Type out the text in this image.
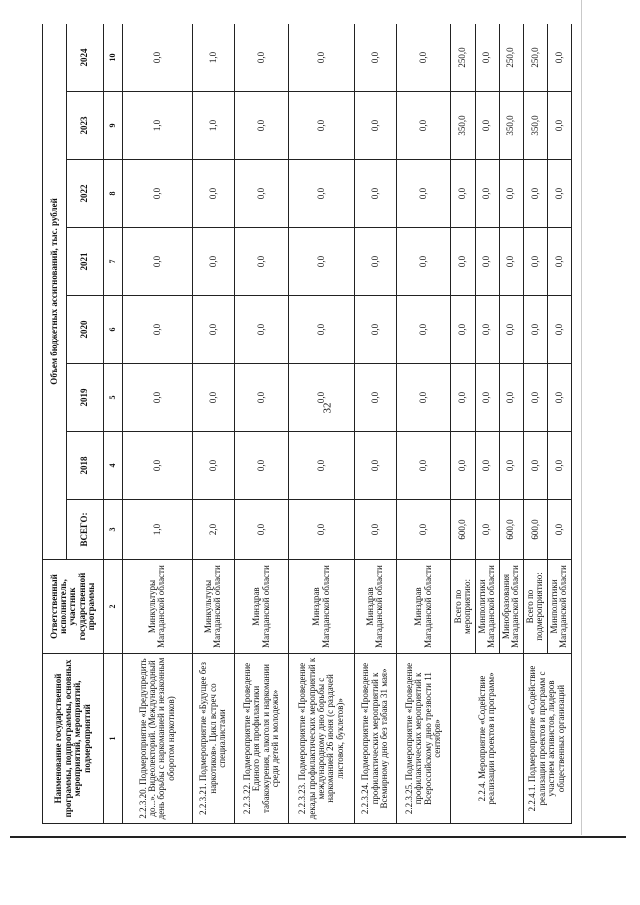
32
Наименование государственной программы, подпрограммы, основных мероприятий, мероприятий, подмероприятий	Ответственный исполнитель, участник государственной программы	Объем бюджетных ассигнований, тыс. рублей							
		ВСЕГО:	2018	2019	2020	2021	2022	2023	2024
1	2	3	4	5	6	7	8	9	10
2.2.3.20. Подмероприятие «Предупредить до...». Видеолекторий. (Международный день борьбы с наркоманией и незаконным оборотом наркотиков)	Минкультуры Магаданской области	1,0	0,0	0,0	0,0	0,0	0,0	1,0	0,0
2.2.3.21. Подмероприятие «Будущее без наркотиков». Цикл встреч со специалистами	Минкультуры Магаданской области	2,0	0,0	0,0	0,0	0,0	0,0	1,0	1,0
2.2.3.22. Подмероприятие «Проведение Единого дня профилактики табакокурения, алкоголя и наркомании среди детей и молодежи»	Минздрав Магаданской области	0,0	0,0	0,0	0,0	0,0	0,0	0,0	0,0
2.2.3.23. Подмероприятие «Проведение декады профилактических мероприятий к международному дню борьбы с наркоманией 26 июня (с раздачей листовок, буклетов)»	Минздрав Магаданской области	0,0	0,0	0,0	0,0	0,0	0,0	0,0	0,0
2.2.3.24. Подмероприятие «Проведение профилактических мероприятий к Всемирному дню без табака 31 мая»	Минздрав Магаданской области	0,0	0,0	0,0	0,0	0,0	0,0	0,0	0,0
2.2.3.25. Подмероприятие «Проведение профилактических мероприятий к Всероссийскому дню трезвости 11 сентября»	Минздрав Магаданской области	0,0	0,0	0,0	0,0	0,0	0,0	0,0	0,0
2.2.4. Мероприятие «Содействие реализации проектов и программ»	Всего по мероприятию:	600,0	0,0	0,0	0,0	0,0	0,0	350,0	250,0
	Минполитики Магаданской области	0,0	0,0	0,0	0,0	0,0	0,0	0,0	0,0
	Минобразования Магаданской области	600,0	0,0	0,0	0,0	0,0	0,0	350,0	250,0
2.2.4.1. Подмероприятие «Содействие реализации проектов и программ с участием активистов, лидеров общественных организаций	Всего по подмероприятию:	600,0	0,0	0,0	0,0	0,0	0,0	350,0	250,0
	Минполитики Магаданской области	0,0	0,0	0,0	0,0	0,0	0,0	0,0	0,0
